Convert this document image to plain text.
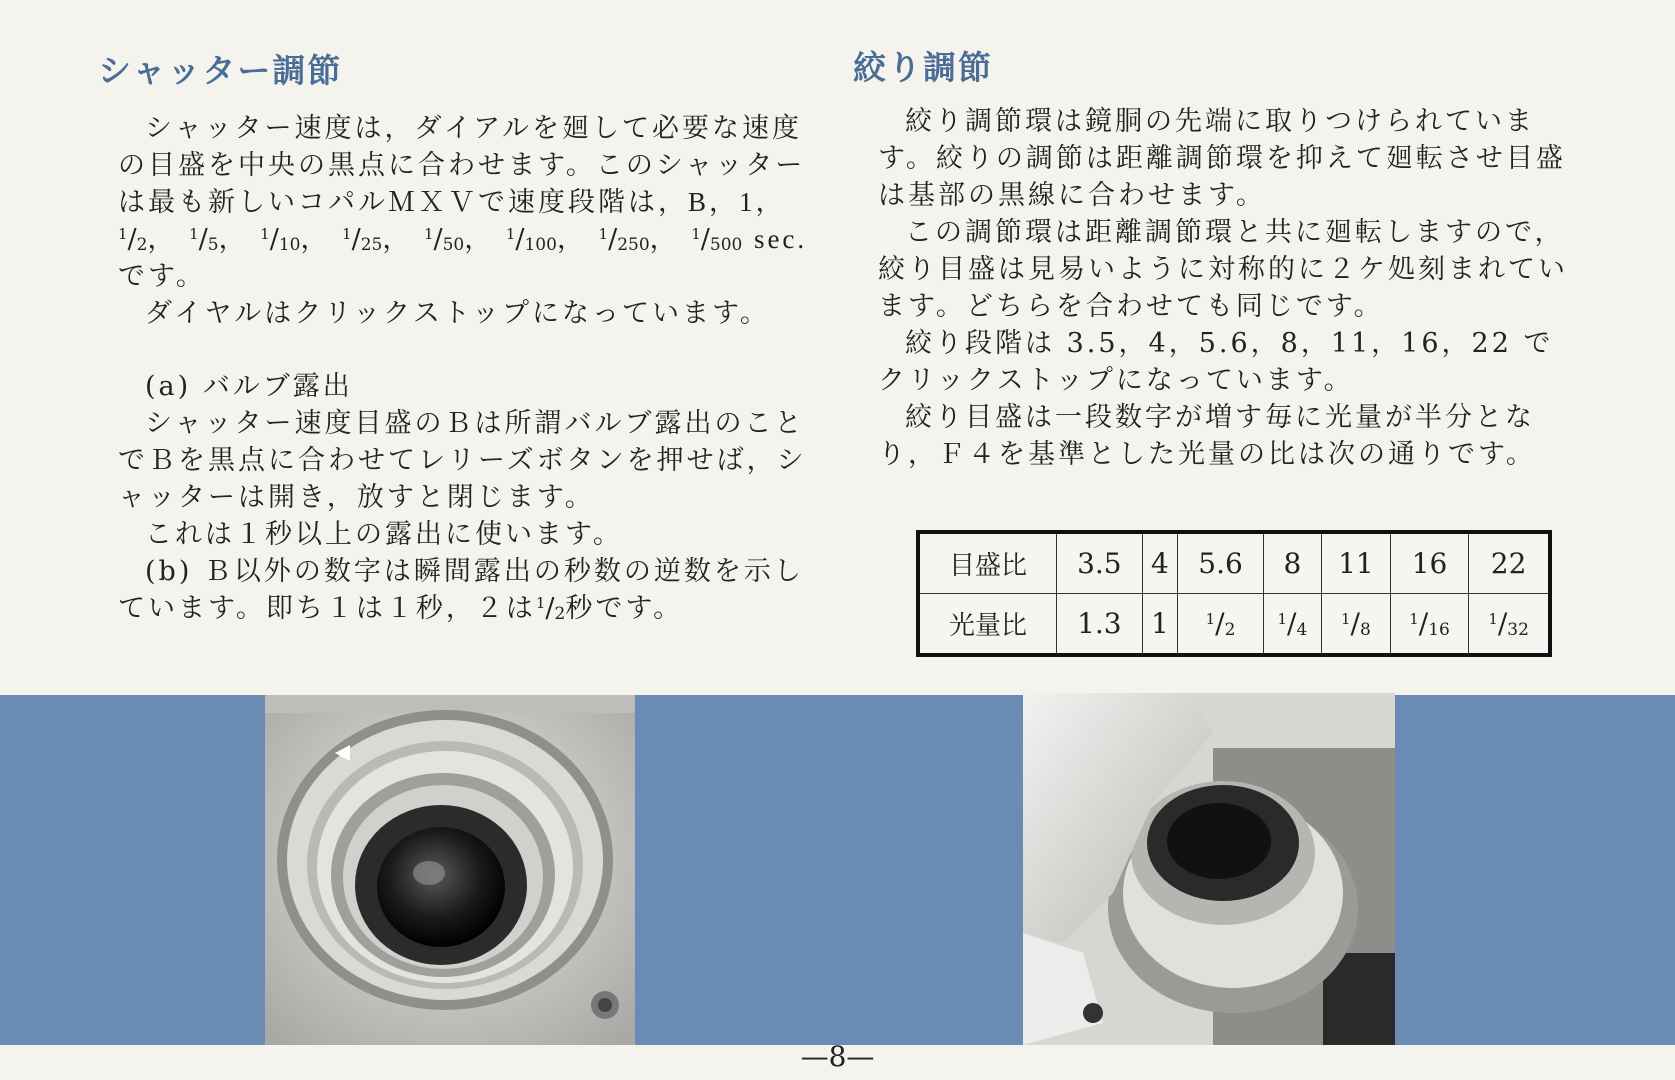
シャッター調節

シャッター速度は，ダイアルを廻して必要な速度の目盛を中央の黒点に合わせます。このシャッターは最も新しいコパルＭＸＶで速度段階は，B，1，$^1/_2$， $^1/_5$， $^1/_{10}$， $^1/_{25}$， $^1/_{50}$， $^1/_{100}$， $^1/_{250}$， $^1/_{500}$ sec. です。

ダイヤルはクリックストップになっています。

(a) バルブ露出

シャッター速度目盛のＢは所謂バルブ露出のことでＢを黒点に合わせてレリーズボタンを押せば，シャッターは開き，放すと閉じます。

これは１秒以上の露出に使います。

(b) Ｂ以外の数字は瞬間露出の秒数の逆数を示しています。即ち１は１秒，２は$^1/_2$秒です。

絞り調節

絞り調節環は鏡胴の先端に取りつけられています。絞りの調節は距離調節環を抑えて廻転させ目盛は基部の黒線に合わせます。

この調節環は距離調節環と共に廻転しますので，絞り目盛は見易いように対称的に２ケ処刻まれています。どちらを合わせても同じです。

絞り段階は 3.5，4，5.6，8，11，16，22 でクリックストップになっています。

絞り目盛は一段数字が増す毎に光量が半分となり，Ｆ４を基準とした光量の比は次の通りです。

目盛比	3.5	4	5.6	8	11	16	22
光量比	1.3	1	$^1/_2$	$^1/_4$	$^1/_8$	$^1/_{16}$	$^1/_{32}$
—8—
